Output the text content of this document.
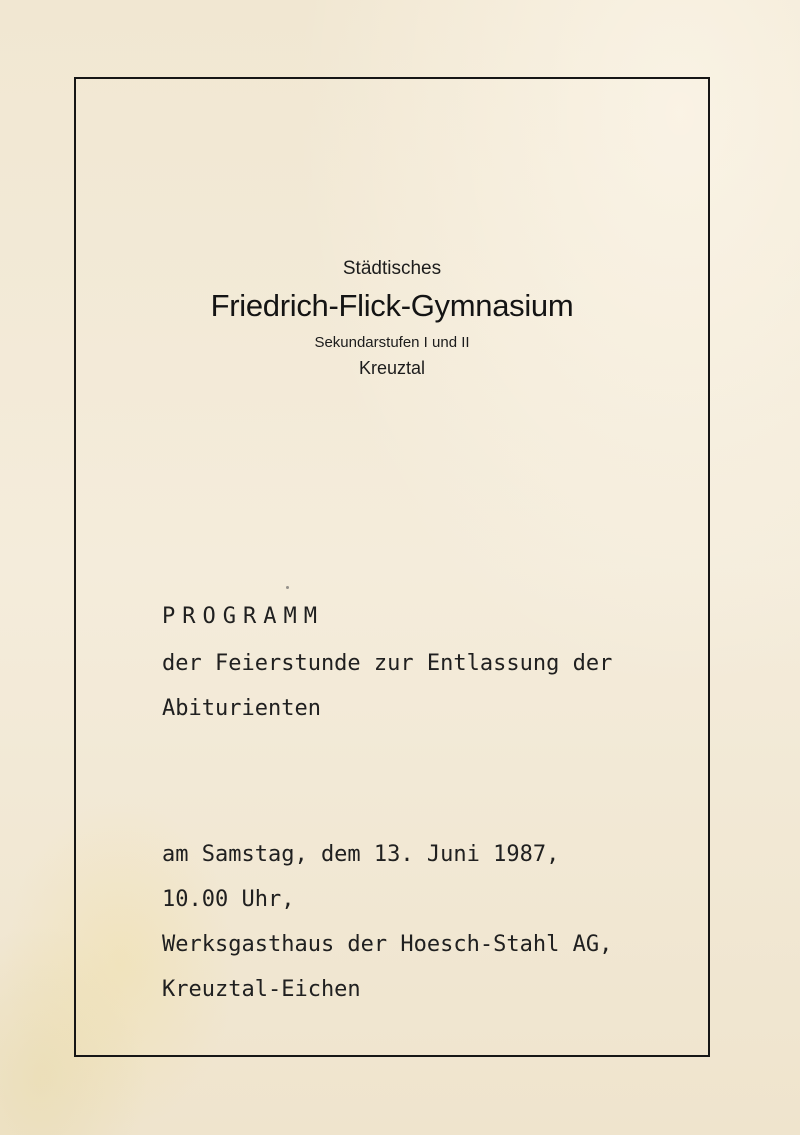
Städtisches
Friedrich-Flick-Gymnasium
Sekundarstufen I und II
Kreuztal
PROGRAMM
der Feierstunde zur Entlassung der
Abiturienten
am Samstag, dem 13. Juni 1987,
10.00 Uhr,
Werksgasthaus der Hoesch-Stahl AG,
Kreuztal-Eichen
